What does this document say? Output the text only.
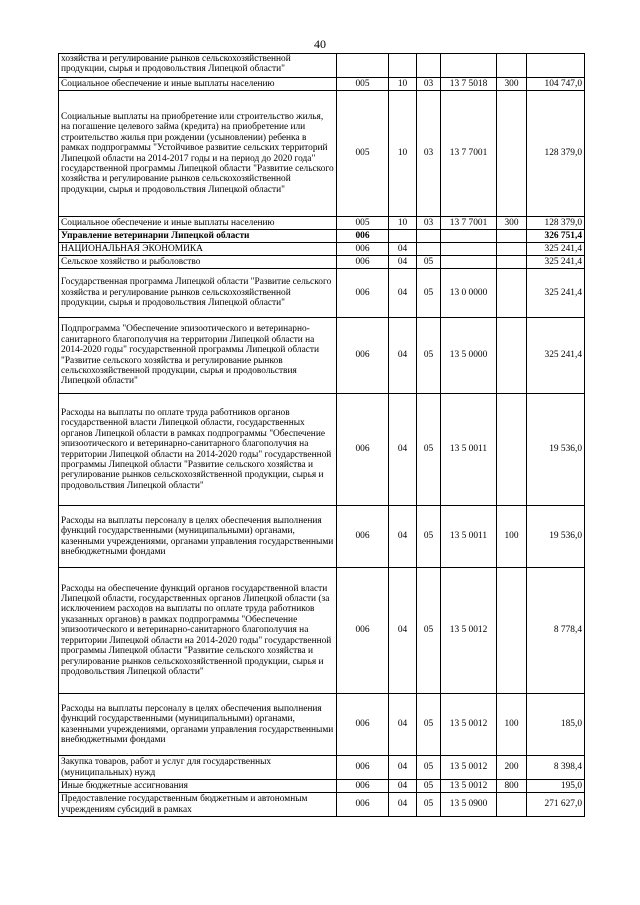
40
хозяйства и регулирование рынков сельскохозяйственной продукции, сырья и продовольствия Липецкой области"						
Социальное обеспечение и иные выплаты населению	005	10	03	13 7 5018	300	104 747,0
Социальные выплаты на приобретение или строительство жилья, на погашение целевого займа (кредита) на приобретение или строительство жилья при рождении (усыновлении) ребенка в рамках подпрограммы "Устойчивое развитие сельских территорий Липецкой области на 2014-2017 годы и на период до 2020 года" государственной программы Липецкой области "Развитие сельского хозяйства и регулирование рынков сельскохозяйственной продукции, сырья и продовольствия Липецкой области"	005	10	03	13 7 7001		128 379,0
Социальное обеспечение и иные выплаты населению	005	10	03	13 7 7001	300	128 379,0
Управление ветеринарии Липецкой области	006					326 751,4
НАЦИОНАЛЬНАЯ ЭКОНОМИКА	006	04				325 241,4
Сельское хозяйство и рыболовство	006	04	05			325 241,4
Государственная программа Липецкой области "Развитие сельского хозяйства и регулирование рынков сельскохозяйственной продукции, сырья и продовольствия Липецкой области"	006	04	05	13 0 0000		325 241,4
Подпрограмма "Обеспечение эпизоотического и ветеринарно-санитарного благополучия на территории Липецкой области на 2014-2020 годы" государственной программы Липецкой области "Развитие сельского хозяйства и регулирование рынков сельскохозяйственной продукции, сырья и продовольствия Липецкой области"	006	04	05	13 5 0000		325 241,4
Расходы на выплаты по оплате труда работников органов государственной власти Липецкой области, государственных органов Липецкой области в рамках подпрограммы "Обеспечение эпизоотического и ветеринарно-санитарного благополучия на территории Липецкой области на 2014-2020 годы" государственной программы Липецкой области "Развитие сельского хозяйства и регулирование рынков сельскохозяйственной продукции, сырья и продовольствия Липецкой области"	006	04	05	13 5 0011		19 536,0
Расходы на выплаты персоналу в целях обеспечения выполнения функций государственными (муниципальными) органами, казенными учреждениями, органами управления государственными внебюджетными фондами	006	04	05	13 5 0011	100	19 536,0
Расходы на обеспечение функций органов государственной власти Липецкой области, государственных органов Липецкой области (за исключением расходов на выплаты по оплате труда работников указанных органов) в рамках подпрограммы "Обеспечение эпизоотического и ветеринарно-санитарного благополучия на территории Липецкой области на 2014-2020 годы" государственной программы Липецкой области "Развитие сельского хозяйства и регулирование рынков сельскохозяйственной продукции, сырья и продовольствия Липецкой области"	006	04	05	13 5 0012		8 778,4
Расходы на выплаты персоналу в целях обеспечения выполнения функций государственными (муниципальными) органами, казенными учреждениями, органами управления государственными внебюджетными фондами	006	04	05	13 5 0012	100	185,0
Закупка товаров, работ и услуг для государственных (муниципальных) нужд	006	04	05	13 5 0012	200	8 398,4
Иные бюджетные ассигнования	006	04	05	13 5 0012	800	195,0
Предоставление государственным бюджетным и автономным учреждениям субсидий в рамках	006	04	05	13 5 0900		271 627,0
